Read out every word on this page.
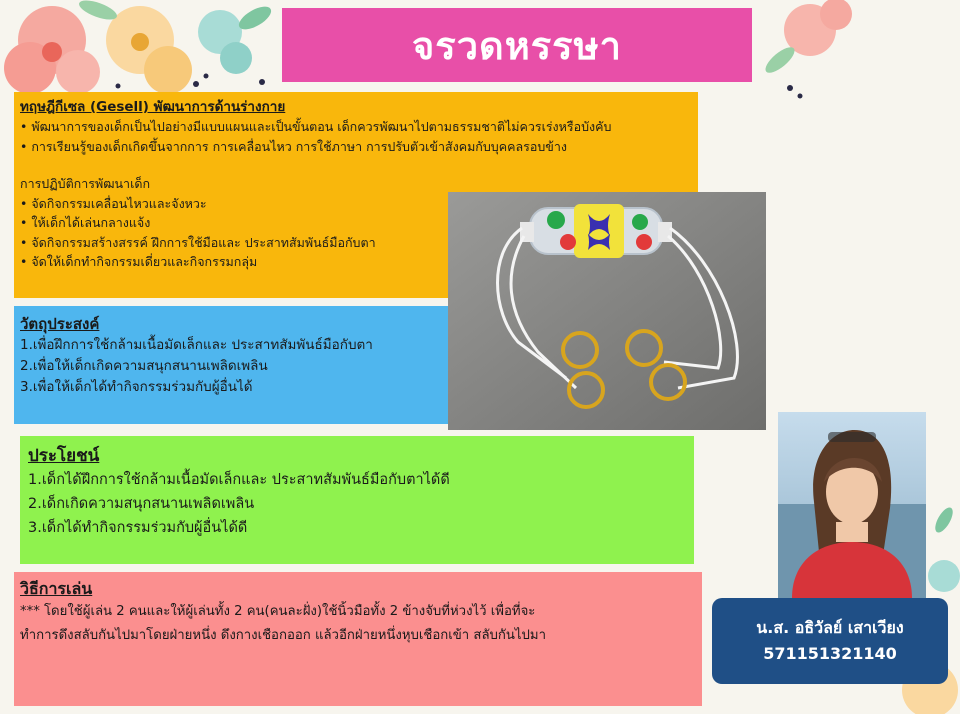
จรวดหรรษา
ทฤษฎีกีเซล (Gesell) พัฒนาการด้านร่างกาย
• พัฒนาการของเด็กเป็นไปอย่างมีแบบแผนและเป็นขั้นตอน เด็กควรพัฒนาไปตามธรรมชาติไม่ควรเร่งหรือบังคับ
• การเรียนรู้ของเด็กเกิดขึ้นจากการ การเคลื่อนไหว การใช้ภาษา การปรับตัวเข้าสังคมกับบุคคลรอบข้าง
การปฏิบัติการพัฒนาเด็ก
• จัดกิจกรรมเคลื่อนไหวและจังหวะ
• ให้เด็กได้เล่นกลางแจ้ง
• จัดกิจกรรมสร้างสรรค์ ฝึกการใช้มือและ ประสาทสัมพันธ์มือกับตา
• จัดให้เด็กทำกิจกรรมเดี่ยวและกิจกรรมกลุ่ม
วัตถุประสงค์
1.เพื่อฝึกการใช้กล้ามเนื้อมัดเล็กและ ประสาทสัมพันธ์มือกับตา
2.เพื่อให้เด็กเกิดความสนุกสนานเพลิดเพลิน
3.เพื่อให้เด็กได้ทำกิจกรรมร่วมกับผู้อื่นได้
ประโยชน์
1.เด็กได้ฝึกการใช้กล้ามเนื้อมัดเล็กและ ประสาทสัมพันธ์มือกับตาได้ดี
2.เด็กเกิดความสนุกสนานเพลิดเพลิน
3.เด็กได้ทำกิจกรรมร่วมกับผู้อื่นได้ดี
วิธีการเล่น
*** โดยใช้ผู้เล่น 2 คนและให้ผู้เล่นทั้ง 2 คน(คนละฝั่ง)ใช้นิ้วมือทั้ง 2 ข้างจับที่ห่วงไว้ เพื่อที่จะ
ทำการดึงสลับกันไปมาโดยฝ่ายหนึ่ง ดึงกางเชือกออก แล้วอีกฝ่ายหนึ่งหุบเชือกเข้า สลับกันไปมา	น.ส. อธิวัลย์ เสาเวียง
571151321140
